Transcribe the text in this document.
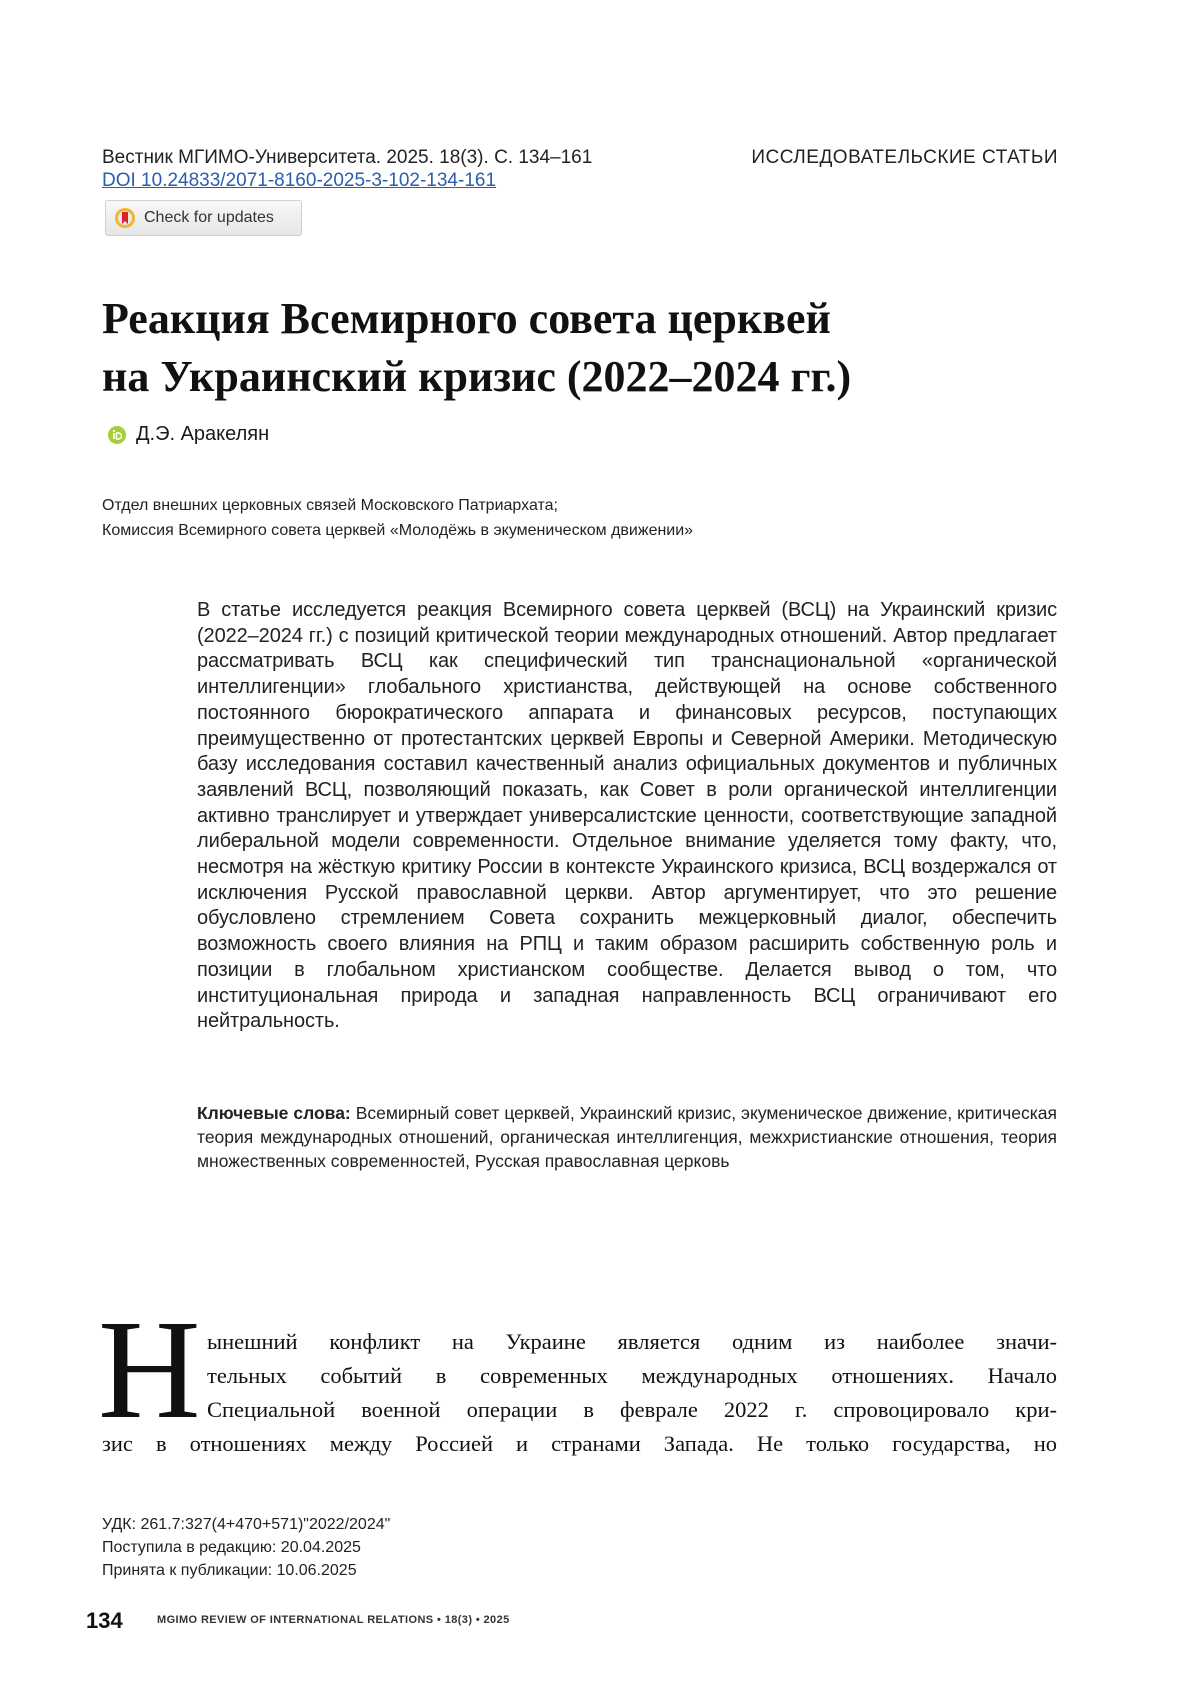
Вестник МГИМО-Университета. 2025. 18(3). С. 134–161	ИССЛЕДОВАТЕЛЬСКИЕ СТАТЬИ
DOI 10.24833/2071-8160-2025-3-102-134-161
Check for updates
Реакция Всемирного совета церквей
на Украинский кризис (2022–2024 гг.)
Д.Э. Аракелян
Отдел внешних церковных связей Московского Патриархата;
Комиссия Всемирного совета церквей «Молодёжь в экуменическом движении»

В статье исследуется реакция Всемирного совета церквей (ВСЦ) на Украинский кризис (2022–2024 гг.) с позиций критической теории международных отношений. Автор предлагает рассматривать ВСЦ как специфический тип транснациональной «органической интеллигенции» глобального христианства, действующей на основе собственного постоянного бюрократического аппарата и финансовых ресурсов, поступающих преимущественно от протестантских церквей Европы и Северной Америки. Методическую базу исследования составил качественный анализ официальных документов и публичных заявлений ВСЦ, позволяющий показать, как Совет в роли органической интеллигенции активно транслирует и утверждает универсалистские ценности, соответствующие западной либеральной модели современности. Отдельное внимание уделяется тому факту, что, несмотря на жёсткую критику России в контексте Украинского кризиса, ВСЦ воздержался от исключения Русской православной церкви. Автор аргументирует, что это решение обусловлено стремлением Совета сохранить межцерковный диалог, обеспечить возможность своего влияния на РПЦ и таким образом расширить собственную роль и позиции в глобальном христианском сообществе. Делается вывод о том, что институциональная природа и западная направленность ВСЦ ограничивают его нейтральность.

Ключевые слова: Всемирный совет церквей, Украинский кризис, экуменическое движение, критическая теория международных отношений, органическая интеллигенция, межхристианские отношения, теория множественных современностей, Русская православная церковь

Н ынешний конфликт на Украине является одним из наиболее значи-
тельных событий в современных международных отношениях. Начало
Специальной военной операции в феврале 2022 г. спровоцировало кри-
зис в отношениях между Россией и странами Запада. Не только государства, но
УДК: 261.7:327(4+470+571)"2022/2024"
Поступила в редакцию: 20.04.2025
Принята к публикации: 10.06.2025
134	MGIMO REVIEW OF INTERNATIONAL RELATIONS • 18(3) • 2025
